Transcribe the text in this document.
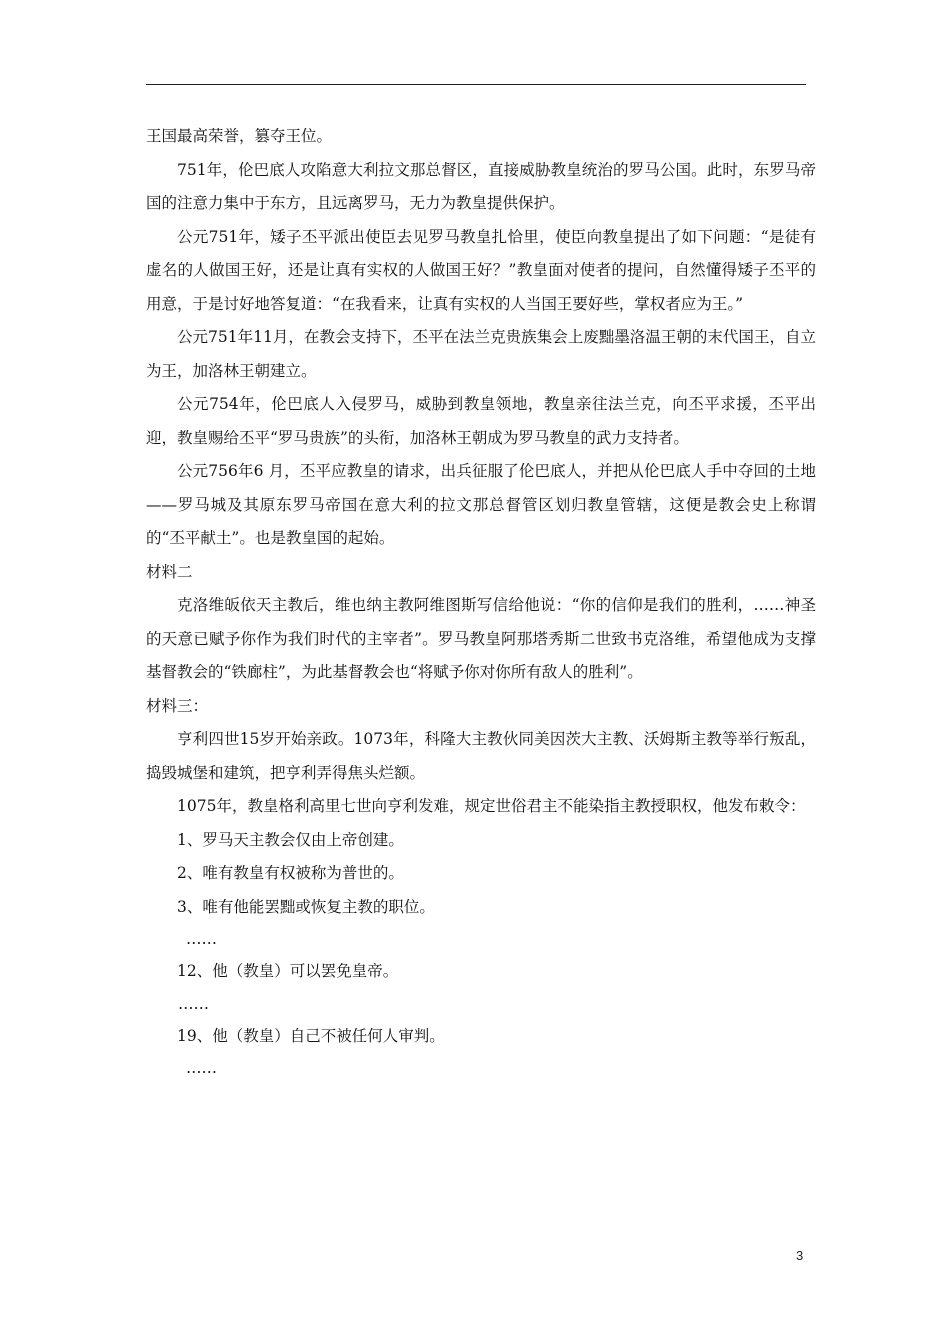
王国最高荣誉，篡夺王位。

751年，伦巴底人攻陷意大利拉文那总督区，直接威胁教皇统治的罗马公国。此时，东罗马帝国的注意力集中于东方，且远离罗马，无力为教皇提供保护。

公元751年，矮子丕平派出使臣去见罗马教皇扎恰里，使臣向教皇提出了如下问题：“是徒有虚名的人做国王好，还是让真有实权的人做国王好？”教皇面对使者的提问，自然懂得矮子丕平的用意，于是讨好地答复道：“在我看来，让真有实权的人当国王要好些，掌权者应为王。”

公元751年11月，在教会支持下，丕平在法兰克贵族集会上废黜墨洛温王朝的末代国王，自立为王，加洛林王朝建立。

公元754年，伦巴底人入侵罗马，威胁到教皇领地，教皇亲往法兰克，向丕平求援，丕平出迎，教皇赐给丕平“罗马贵族”的头衔，加洛林王朝成为罗马教皇的武力支持者。

公元756年6 月，丕平应教皇的请求，出兵征服了伦巴底人，并把从伦巴底人手中夺回的土地——罗马城及其原东罗马帝国在意大利的拉文那总督管区划归教皇管辖，这便是教会史上称谓的“丕平献土”。也是教皇国的起始。

材料二

克洛维皈依天主教后，维也纳主教阿维图斯写信给他说：“你的信仰是我们的胜利，……神圣的天意已赋予你作为我们时代的主宰者”。罗马教皇阿那塔秀斯二世致书克洛维，希望他成为支撑基督教会的“铁廊柱”，为此基督教会也“将赋予你对你所有敌人的胜利”。

材料三：

亨利四世15岁开始亲政。1073年，科隆大主教伙同美因茨大主教、沃姆斯主教等举行叛乱，捣毁城堡和建筑，把亨利弄得焦头烂额。

1075年，教皇格利高里七世向亨利发难，规定世俗君主不能染指主教授职权，他发布敕令：

1、罗马天主教会仅由上帝创建。

2、唯有教皇有权被称为普世的。

3、唯有他能罢黜或恢复主教的职位。

……

12、他（教皇）可以罢免皇帝。

……

19、他（教皇）自己不被任何人审判。

……

3
